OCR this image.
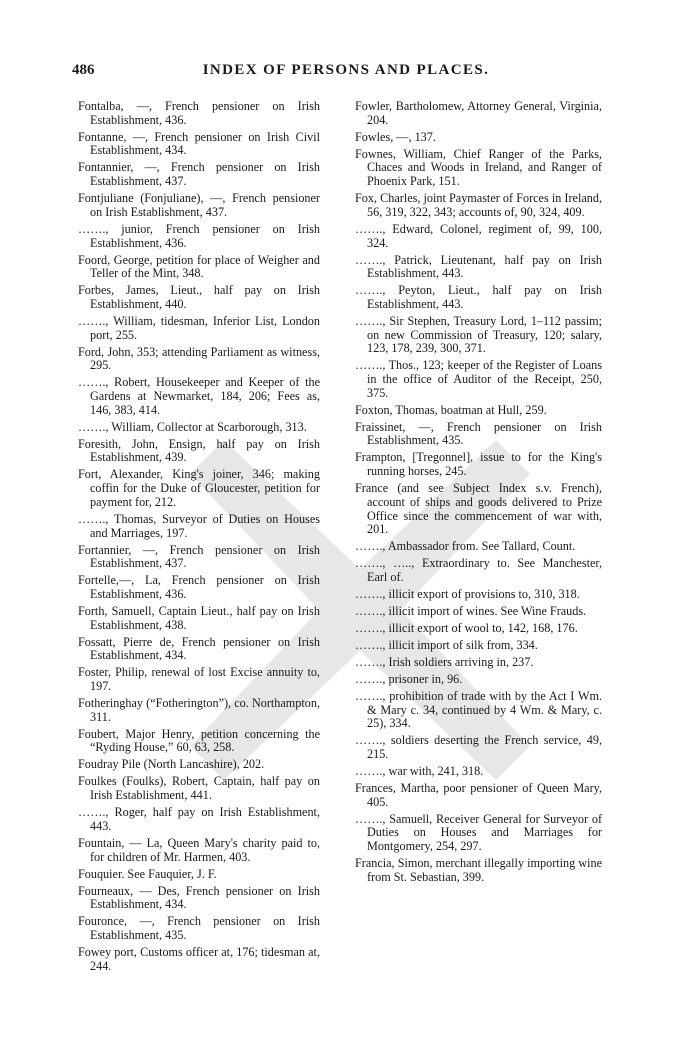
486	INDEX OF PERSONS AND PLACES.

Fontalba, —, French pensioner on Irish Establishment, 436.

Fontanne, —, French pensioner on Irish Civil Establishment, 434.

Fontannier, —, French pensioner on Irish Establishment, 437.

Fontjuliane (Fonjuliane), —, French pensioner on Irish Establishment, 437.

……., junior, French pensioner on Irish Establishment, 436.

Foord, George, petition for place of Weigher and Teller of the Mint, 348.

Forbes, James, Lieut., half pay on Irish Establishment, 440.

……., William, tidesman, Inferior List, London port, 255.

Ford, John, 353; attending Parliament as witness, 295.

……., Robert, Housekeeper and Keeper of the Gardens at Newmarket, 184, 206; Fees as, 146, 383, 414.

……., William, Collector at Scarborough, 313.

Foresith, John, Ensign, half pay on Irish Establishment, 439.

Fort, Alexander, King's joiner, 346; making coffin for the Duke of Gloucester, petition for payment for, 212.

……., Thomas, Surveyor of Duties on Houses and Marriages, 197.

Fortannier, —, French pensioner on Irish Establishment, 437.

Fortelle,—, La, French pensioner on Irish Establishment, 436.

Forth, Samuell, Captain Lieut., half pay on Irish Establishment, 438.

Fossatt, Pierre de, French pensioner on Irish Establishment, 434.

Foster, Philip, renewal of lost Excise annuity to, 197.

Fotheringhay (“Fotherington”), co. Northampton, 311.

Foubert, Major Henry, petition concerning the “Ryding House,” 60, 63, 258.

Foudray Pile (North Lancashire), 202.

Foulkes (Foulks), Robert, Captain, half pay on Irish Establishment, 441.

……., Roger, half pay on Irish Establishment, 443.

Fountain, — La, Queen Mary's charity paid to, for children of Mr. Harmen, 403.

Fouquier. See Fauquier, J. F.

Fourneaux, — Des, French pensioner on Irish Establishment, 434.

Fouronce, —, French pensioner on Irish Establishment, 435.

Fowey port, Customs officer at, 176; tidesman at, 244.

Fowler, Bartholomew, Attorney General, Virginia, 204.

Fowles, —, 137.

Fownes, William, Chief Ranger of the Parks, Chaces and Woods in Ireland, and Ranger of Phoenix Park, 151.

Fox, Charles, joint Paymaster of Forces in Ireland, 56, 319, 322, 343; accounts of, 90, 324, 409.

……., Edward, Colonel, regiment of, 99, 100, 324.

……., Patrick, Lieutenant, half pay on Irish Establishment, 443.

……., Peyton, Lieut., half pay on Irish Establishment, 443.

……., Sir Stephen, Treasury Lord, 1–112 passim; on new Commission of Treasury, 120; salary, 123, 178, 239, 300, 371.

……., Thos., 123; keeper of the Register of Loans in the office of Auditor of the Receipt, 250, 375.

Foxton, Thomas, boatman at Hull, 259.

Fraissinet, —, French pensioner on Irish Establishment, 435.

Frampton, [Tregonnel], issue to for the King's running horses, 245.

France (and see Subject Index s.v. French), account of ships and goods delivered to Prize Office since the commencement of war with, 201.

……., Ambassador from. See Tallard, Count.

……., ….., Extraordinary to. See Manchester, Earl of.

……., illicit export of provisions to, 310, 318.

……., illicit import of wines. See Wine Frauds.

……., illicit export of wool to, 142, 168, 176.

……., illicit import of silk from, 334.

……., Irish soldiers arriving in, 237.

……., prisoner in, 96.

……., prohibition of trade with by the Act I Wm. & Mary c. 34, continued by 4 Wm. & Mary, c. 25), 334.

……., soldiers deserting the French service, 49, 215.

……., war with, 241, 318.

Frances, Martha, poor pensioner of Queen Mary, 405.

……., Samuell, Receiver General for Surveyor of Duties on Houses and Marriages for Montgomery, 254, 297.

Francia, Simon, merchant illegally importing wine from St. Sebastian, 399.
